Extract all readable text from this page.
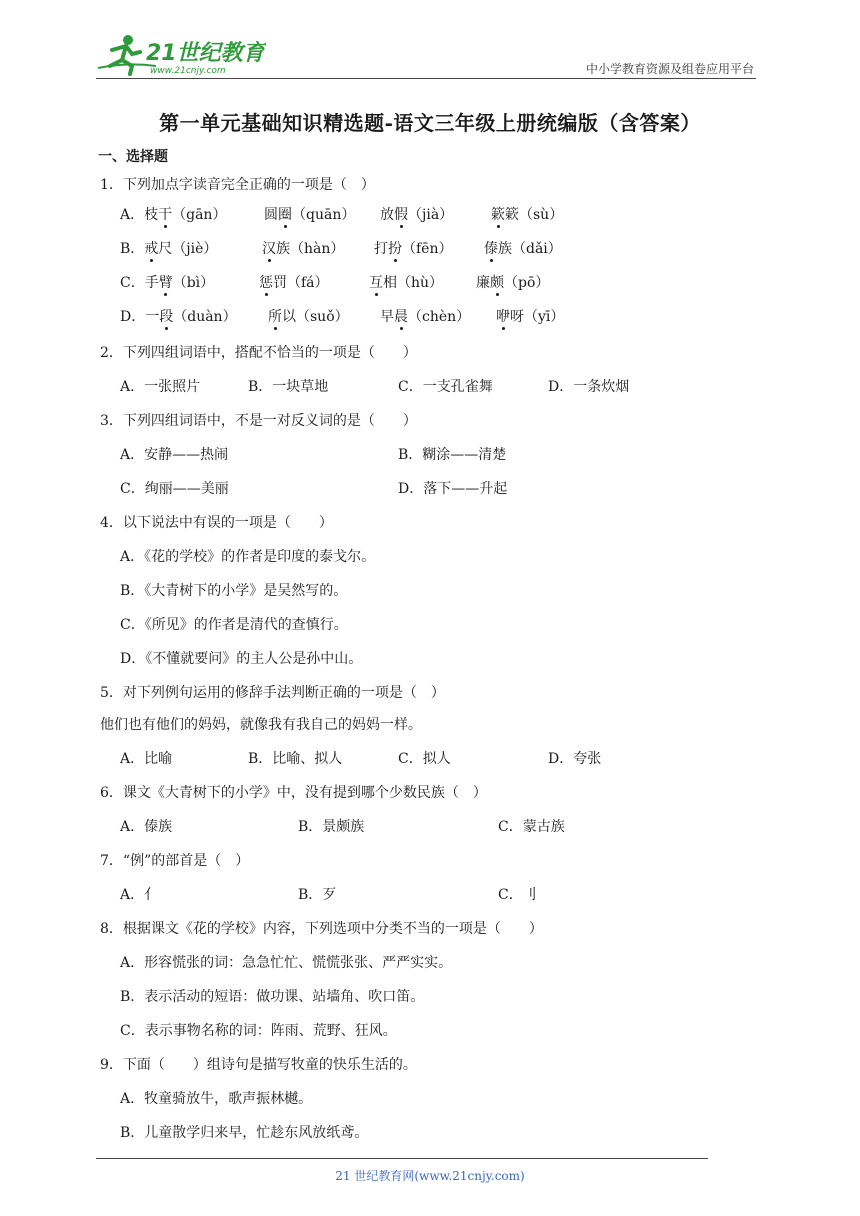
21世纪教育
www.21cnjy.com	中小学教育资源及组卷应用平台
第一单元基础知识精选题-语文三年级上册统编版（含答案）
一、选择题
1．下列加点字读音完全正确的一项是（　）
A．枝干（gān）	圆圈（quān） 放假（jià）	簌簌（sù）
B．戒尺（jiè）	汉族（hàn） 打扮（fēn） 傣族（dǎi）
C．手臂（bì）	惩罚（fá）	互相（hù） 廉颇（pō）
D．一段（duàn） 所以（suǒ） 早晨（chèn） 咿呀（yī）
2．下列四组词语中，搭配不恰当的一项是（　　）
A．一张照片	B．一块草地	C．一支孔雀舞	D．一条炊烟
3．下列四组词语中，不是一对反义词的是（　　）
A．安静——热闹	B．糊涂——清楚
C．绚丽——美丽	D．落下——升起
4．以下说法中有误的一项是（　　）
A．《花的学校》的作者是印度的泰戈尔。
B．《大青树下的小学》是吴然写的。
C．《所见》的作者是清代的查慎行。
D．《不懂就要问》的主人公是孙中山。
5．对下列例句运用的修辞手法判断正确的一项是（　）
他们也有他们的妈妈，就像我有我自己的妈妈一样。
A．比喻	B．比喻、拟人	C．拟人	D．夸张
6．课文《大青树下的小学》中，没有提到哪个少数民族（　）
A．傣族	B．景颇族	C．蒙古族
7．“例”的部首是（　）
A．亻	B．歹	C．刂
8．根据课文《花的学校》内容，下列选项中分类不当的一项是（　　）
A．形容慌张的词：急急忙忙、慌慌张张、严严实实。
B．表示活动的短语：做功课、站墙角、吹口笛。
C．表示事物名称的词：阵雨、荒野、狂风。
9．下面（　　）组诗句是描写牧童的快乐生活的。
A．牧童骑放牛，歌声振林樾。
B．儿童散学归来早，忙趁东风放纸鸢。
21 世纪教育网(www.21cnjy.com)
